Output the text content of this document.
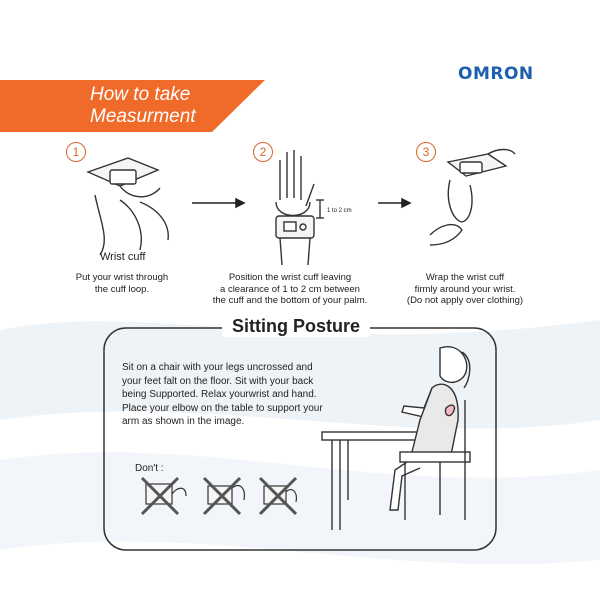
OMRON
How to take
Measurment
1	2	3
1 to 2 cm
Wrist cuff
Put your wrist through
the cuff loop.
Position the wrist cuff leaving
a clearance of 1 to 2 cm between
the cuff and the bottom of your palm.
Wrap the wrist cuff
firmly around your wrist.
(Do not apply over clothing)
Sitting Posture
Sit on a chair with your legs uncrossed and your feet falt on the floor. Sit with your back being Supported. Relax yourwrist and hand. Place your elbow on the table to support your arm as shown in the image.
Don't :
